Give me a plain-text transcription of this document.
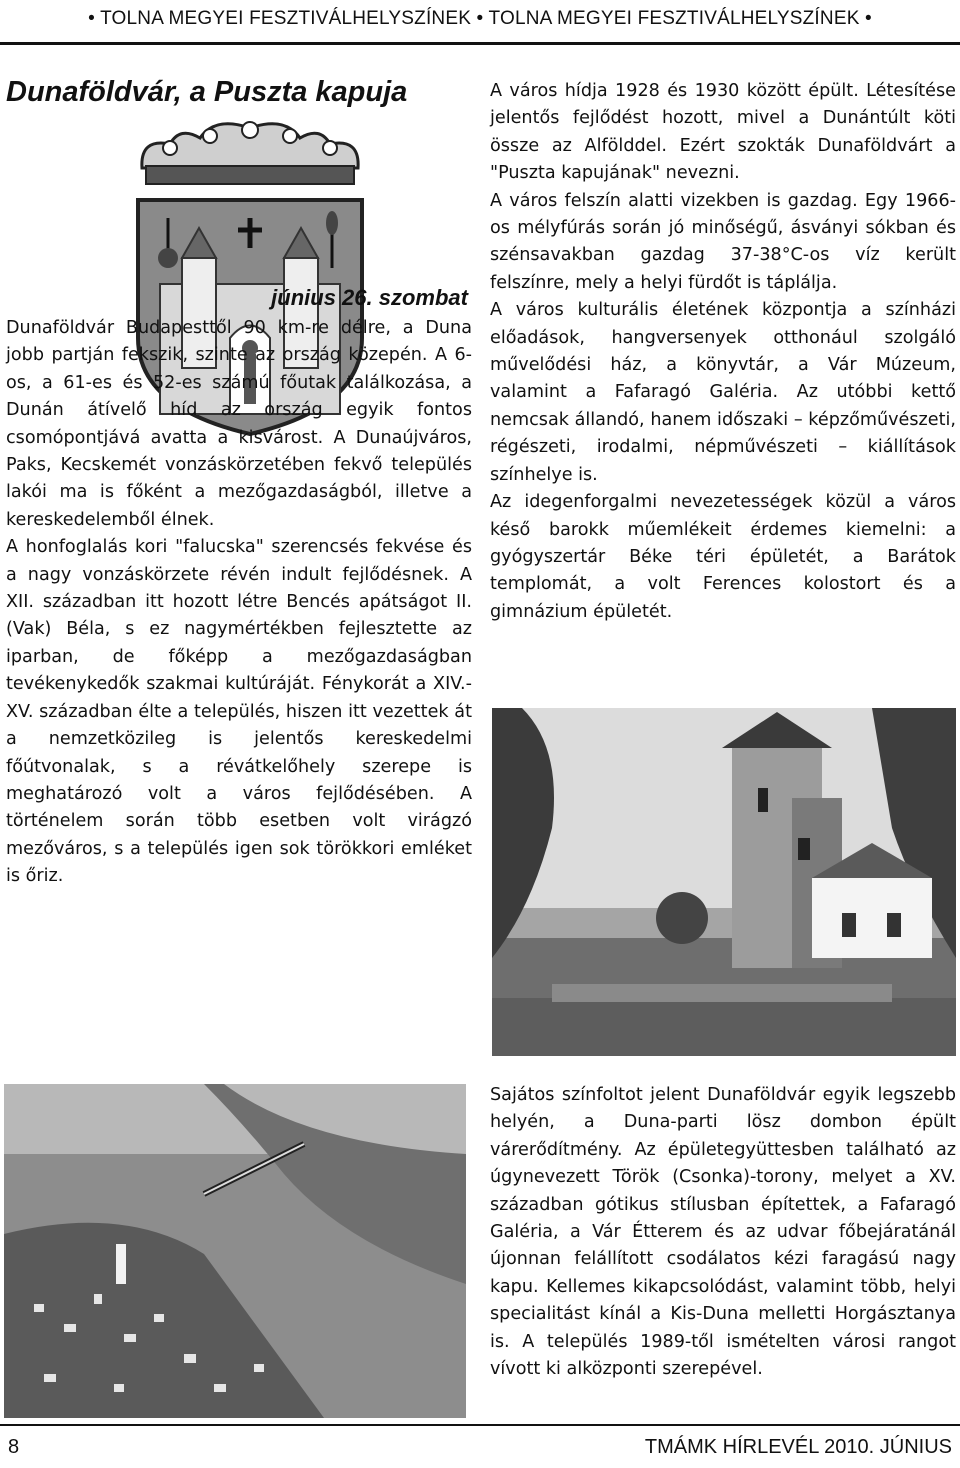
• TOLNA MEGYEI FESZTIVÁLHELYSZÍNEK • TOLNA MEGYEI FESZTIVÁLHELYSZÍNEK •
Dunaföldvár, a Puszta kapuja
június 26. szombat

Dunaföldvár Budapesttől 90 km-re délre, a Duna jobb partján fekszik, szinte az ország közepén. A 6-os, a 61-es és 52-es számú főutak találkozása, a Dunán átívelő híd az ország egyik fontos csomópontjává avatta a kisvárost. A Dunaújváros, Paks, Kecskemét vonzáskörzetében fekvő település lakói ma is főként a mezőgazdaságból, illetve a kereskedelemből élnek.

A honfoglalás kori "falucska" szerencsés fekvése és a nagy vonzáskörzete révén indult fejlődésnek. A XII. században itt hozott létre Bencés apátságot II. (Vak) Béla, s ez nagymértékben fejlesztette az iparban, de főképp a mezőgazdaságban tevékenykedők szakmai kultúráját. Fénykorát a XIV.-XV. században élte a település, hiszen itt vezettek át a nemzetközileg is jelentős kereskedelmi főútvonalak, s a révátkelőhely szerepe is meghatározó volt a város fejlődésében. A történelem során több esetben volt virágzó mezőváros, s a település igen sok törökkori emléket is őriz.

A város hídja 1928 és 1930 között épült. Létesítése jelentős fejlődést hozott, mivel a Dunántúlt köti össze az Alfölddel. Ezért szokták Dunaföldvárt a "Puszta kapujának" nevezni.

A város felszín alatti vizekben is gazdag. Egy 1966-os mélyfúrás során jó minőségű, ásványi sókban és szénsavakban gazdag 37-38°C-os víz került felszínre, mely a helyi fürdőt is táplálja.

A város kulturális életének központja a színházi előadások, hangversenyek otthonául szolgáló művelődési ház, a könyvtár, a Vár Múzeum, valamint a Fafaragó Galéria. Az utóbbi kettő nemcsak állandó, hanem időszaki – képzőművészeti, régészeti, irodalmi, népművészeti – kiállítások színhelye is.

Az idegenforgalmi nevezetességek közül a város késő barokk műemlékeit érdemes kiemelni: a gyógyszertár Béke téri épületét, a Barátok templomát, a volt Ferences kolostort és a gimnázium épületét.

Sajátos színfoltot jelent Dunaföldvár egyik legszebb helyén, a Duna-parti lösz dombon épült várerődítmény. Az épületegyüttesben található az úgynevezett Török (Csonka)-torony, melyet a XV. században gótikus stílusban építettek, a Fafaragó Galéria, a Vár Étterem és az udvar főbejáratánál újonnan felállított csodálatos kézi faragású nagy kapu. Kellemes kikapcsolódást, valamint több, helyi specialitást kínál a Kis-Duna melletti Horgásztanya is. A település 1989-től ismételten városi rangot vívott ki alközponti szerepével.

8	TMÁMK HÍRLEVÉL 2010. JÚNIUS
